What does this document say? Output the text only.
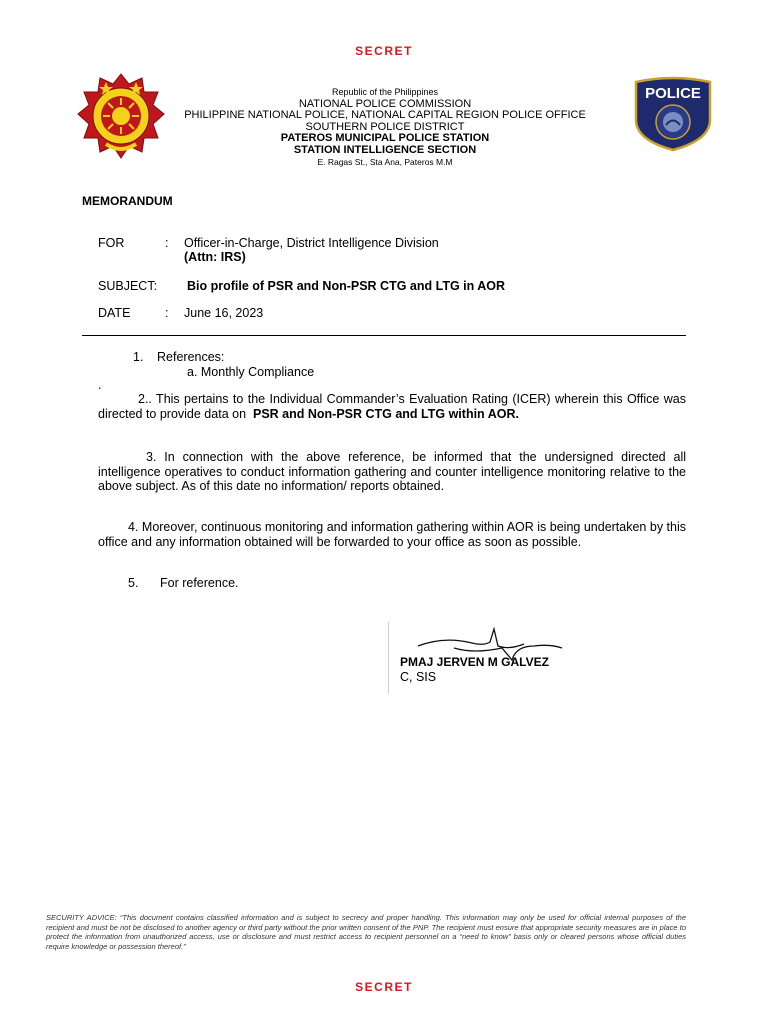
SECRET
Republic of the Philippines
NATIONAL POLICE COMMISSION
PHILIPPINE NATIONAL POLICE, NATIONAL CAPITAL REGION POLICE OFFICE
SOUTHERN POLICE DISTRICT
PATEROS MUNICIPAL POLICE STATION
STATION INTELLIGENCE SECTION
E. Ragas St., Sta Ana, Pateros M.M
POLICE
MEMORANDUM
FOR	: Officer-in-Charge, District Intelligence Division
(Attn: IRS)
SUBJECT: Bio profile of PSR and Non-PSR CTG and LTG in AOR
DATE	: June 16, 2023
1. References:
a. Monthly Compliance
.
2.. This pertains to the Individual Commander’s Evaluation Rating (ICER) wherein this Office was directed to provide data on PSR and Non-PSR CTG and LTG within AOR.
3. In connection with the above reference, be informed that the undersigned directed all intelligence operatives to conduct information gathering and counter intelligence monitoring relative to the above subject. As of this date no information/ reports obtained.
4. Moreover, continuous monitoring and information gathering within AOR is being undertaken by this office and any information obtained will be forwarded to your office as soon as possible.
5. For reference.
PMAJ JERVEN M GALVEZ
C, SIS
SECURITY ADVICE: “This document contains classified information and is subject to secrecy and proper handling. This information may only be used for official internal purposes of the recipient and must be not be disclosed to another agency or third party without the prior written consent of the PNP. The recipient must ensure that appropriate security measures are in place to protect the information from unauthorized access, use or disclosure and must restrict access to recipient personnel on a “need to know” basis only or cleared persons whose official duties require knowledge or possession thereof.”
SECRET
